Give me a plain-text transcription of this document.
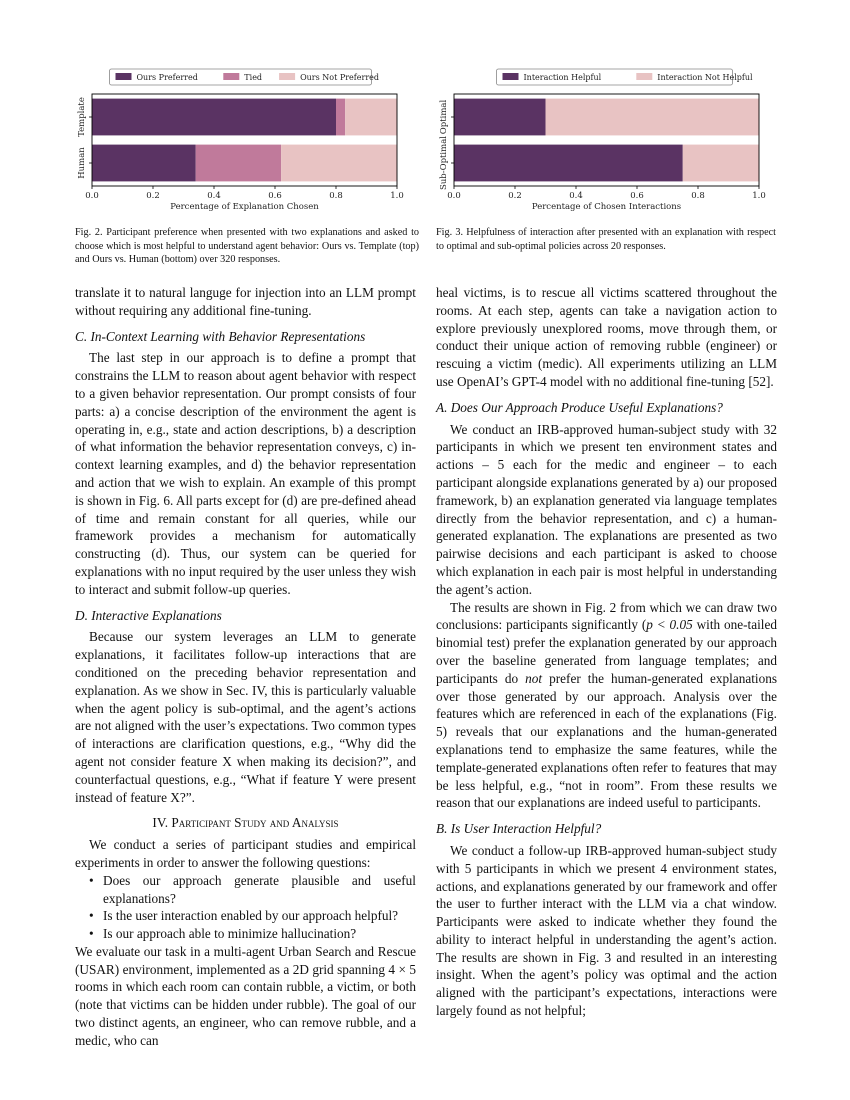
Ours Preferred	Tied	Ours Not Preferred
Template
Human
0.0	0.2	0.4	0.6	0.8	1.0
Percentage of Explanation Chosen
Interaction Helpful	Interaction Not Helpful
Optimal
Sub-Optimal
0.0	0.2	0.4	0.6	0.8	1.0
Percentage of Chosen Interactions
Fig. 2. Participant preference when presented with two explanations and asked to choose which is most helpful to understand agent behavior: Ours vs. Template (top) and Ours vs. Human (bottom) over 320 responses.
Fig. 3. Helpfulness of interaction after presented with an explanation with respect to optimal and sub-optimal policies across 20 responses.

translate it to natural languge for injection into an LLM prompt without requiring any additional fine-tuning.

C. In-Context Learning with Behavior Representations

The last step in our approach is to define a prompt that constrains the LLM to reason about agent behavior with respect to a given behavior representation. Our prompt consists of four parts: a) a concise description of the environment the agent is operating in, e.g., state and action descriptions, b) a description of what information the behavior representation conveys, c) in-context learning examples, and d) the behavior representation and action that we wish to explain. An example of this prompt is shown in Fig. 6. All parts except for (d) are pre-defined ahead of time and remain constant for all queries, while our framework provides a mechanism for automatically constructing (d). Thus, our system can be queried for explanations with no input required by the user unless they wish to interact and submit follow-up queries.

D. Interactive Explanations

Because our system leverages an LLM to generate explanations, it facilitates follow-up interactions that are conditioned on the preceding behavior representation and explanation. As we show in Sec. IV, this is particularly valuable when the agent policy is sub-optimal, and the agent’s actions are not aligned with the user’s expectations. Two common types of interactions are clarification questions, e.g., “Why did the agent not consider feature X when making its decision?”, and counterfactual questions, e.g., “What if feature Y were present instead of feature X?”.

IV. Participant Study and Analysis

We conduct a series of participant studies and empirical experiments in order to answer the following questions:

• Does our approach generate plausible and useful explanations?
• Is the user interaction enabled by our approach helpful?
• Is our approach able to minimize hallucination?

We evaluate our task in a multi-agent Urban Search and Rescue (USAR) environment, implemented as a 2D grid spanning 4 × 5 rooms in which each room can contain rubble, a victim, or both (note that victims can be hidden under rubble). The goal of our two distinct agents, an engineer, who can remove rubble, and a medic, who can

heal victims, is to rescue all victims scattered throughout the rooms. At each step, agents can take a navigation action to explore previously unexplored rooms, move through them, or conduct their unique action of removing rubble (engineer) or rescuing a victim (medic). All experiments utilizing an LLM use OpenAI’s GPT-4 model with no additional fine-tuning [52].

A. Does Our Approach Produce Useful Explanations?

We conduct an IRB-approved human-subject study with 32 participants in which we present ten environment states and actions – 5 each for the medic and engineer – to each participant alongside explanations generated by a) our proposed framework, b) an explanation generated via language templates directly from the behavior representation, and c) a human-generated explanation. The explanations are presented as two pairwise decisions and each participant is asked to choose which explanation in each pair is most helpful in understanding the agent’s action.

The results are shown in Fig. 2 from which we can draw two conclusions: participants significantly (p < 0.05 with one-tailed binomial test) prefer the explanation generated by our approach over the baseline generated from language templates; and participants do not prefer the human-generated explanations over those generated by our approach. Analysis over the features which are referenced in each of the explanations (Fig. 5) reveals that our explanations and the human-generated explanations tend to emphasize the same features, while the template-generated explanations often refer to features that may be less helpful, e.g., “not in room”. From these results we reason that our explanations are indeed useful to participants.

B. Is User Interaction Helpful?

We conduct a follow-up IRB-approved human-subject study with 5 participants in which we present 4 environment states, actions, and explanations generated by our framework and offer the user to further interact with the LLM via a chat window. Participants were asked to indicate whether they found the ability to interact helpful in understanding the agent’s action. The results are shown in Fig. 3 and resulted in an interesting insight. When the agent’s policy was optimal and the action aligned with the participant’s expectations, interactions were largely found as not helpful;
